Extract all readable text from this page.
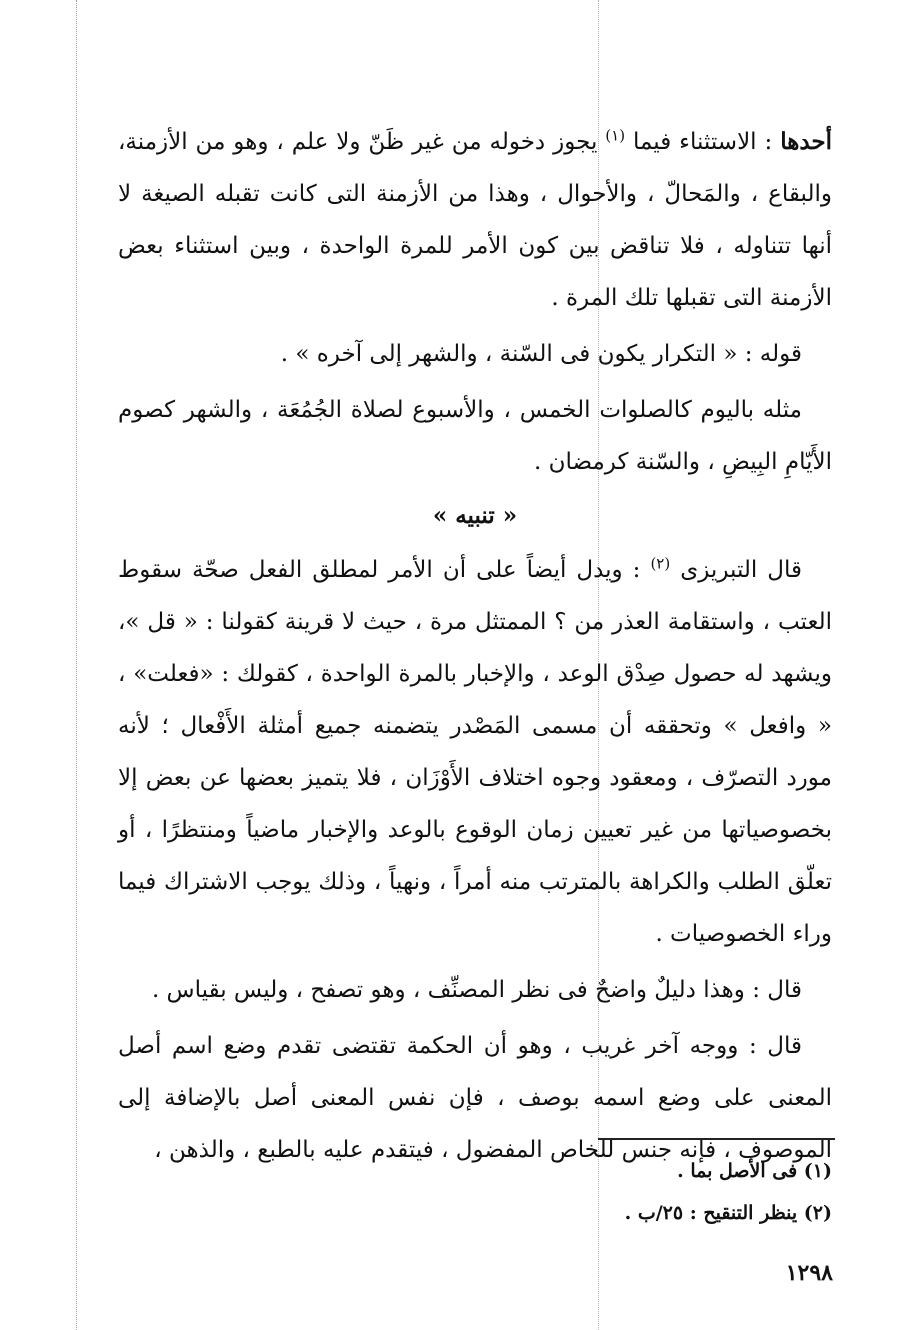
أحدها : الاستثناء فيما $^{(١)}$ يجوز دخوله من غير ظَنّ ولا علم ، وهو من الأزمنة، والبقاع ، والمَحالّ ، والأحوال ، وهذا من الأزمنة التى كانت تقبله الصيغة لا أنها تتناوله ، فلا تناقض بين كون الأمر للمرة الواحدة ، وبين استثناء بعض الأزمنة التى تقبلها تلك المرة .

قوله : « التكرار يكون فى السّنة ، والشهر إلى آخره » .

مثله باليوم كالصلوات الخمس ، والأسبوع لصلاة الجُمُعَة ، والشهر كصوم الأَيّامِ البِيضِ ، والسّنة كرمضان .

« تنبيه »

قال التبريزى $^{(٢)}$ : ويدل أيضاً على أن الأمر لمطلق الفعل صحّة سقوط العتب ، واستقامة العذر من ؟ الممتثل مرة ، حيث لا قرينة كقولنا : « قل »، ويشهد له حصول صِدْق الوعد ، والإخبار بالمرة الواحدة ، كقولك : «فعلت» ، « وافعل » وتحققه أن مسمى المَصْدر يتضمنه جميع أمثلة الأَفْعال ؛ لأنه مورد التصرّف ، ومعقود وجوه اختلاف الأَوْزَان ، فلا يتميز بعضها عن بعض إلا بخصوصياتها من غير تعيين زمان الوقوع بالوعد والإخبار ماضياً ومنتظرًا ، أو تعلّق الطلب والكراهة بالمترتب منه أمراً ، ونهياً ، وذلك يوجب الاشتراك فيما وراء الخصوصيات .

قال : وهذا دليلٌ واضحٌ فى نظر المصنِّف ، وهو تصفح ، وليس بقياس .

قال : ووجه آخر غريب ، وهو أن الحكمة تقتضى تقدم وضع اسم أصل المعنى على وضع اسمه بوصف ، فإن نفس المعنى أصل بالإضافة إلى الموصوف ، فإنه جنس للخاص المفضول ، فيتقدم عليه بالطبع ، والذهن ،

(١) فى الأصل بما .

(٢) ينظر التنقيح : ٢٥/ب .

١٢٩٨
